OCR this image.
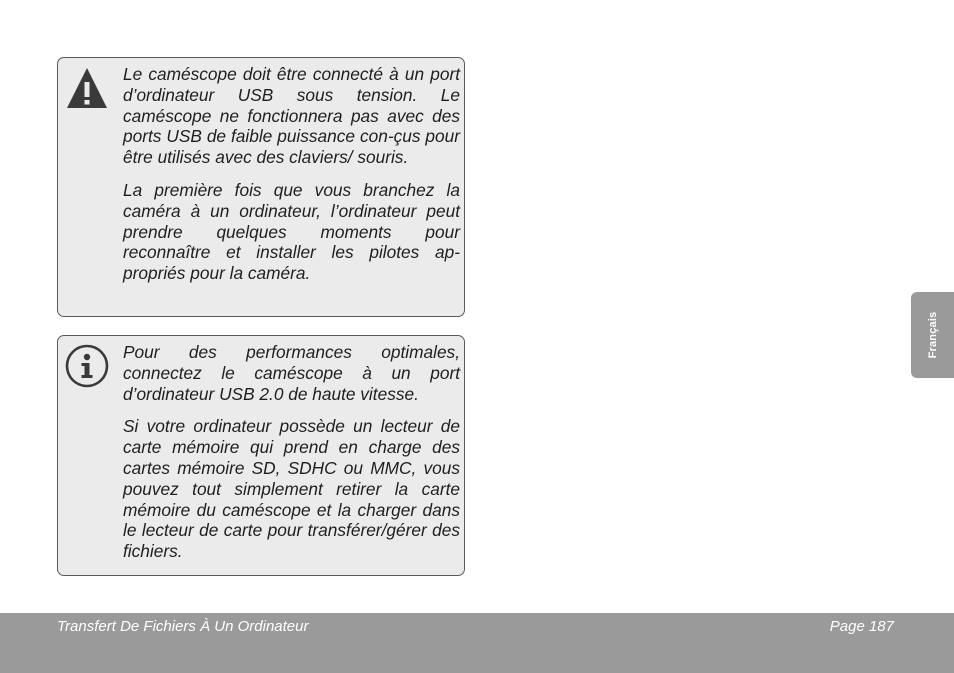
Le caméscope doit être connecté à un port d’ordinateur USB sous tension. Le caméscope ne fonctionnera pas avec des ports USB de faible puissance con-çus pour être utilisés avec des claviers/ souris.

La première fois que vous branchez la caméra à un ordinateur, l’ordinateur peut prendre quelques moments pour reconnaître et installer les pilotes ap-propriés pour la caméra.

Pour des performances optimales, connectez le caméscope à un port d’ordinateur USB 2.0 de haute vitesse.

Si votre ordinateur possède un lecteur de carte mémoire qui prend en charge des cartes mémoire SD, SDHC ou MMC, vous pouvez tout simplement retirer la carte mémoire du caméscope et la charger dans le lecteur de carte pour transférer/gérer des fichiers.

Français
Transfert De Fichiers À Un Ordinateur	Page 187
